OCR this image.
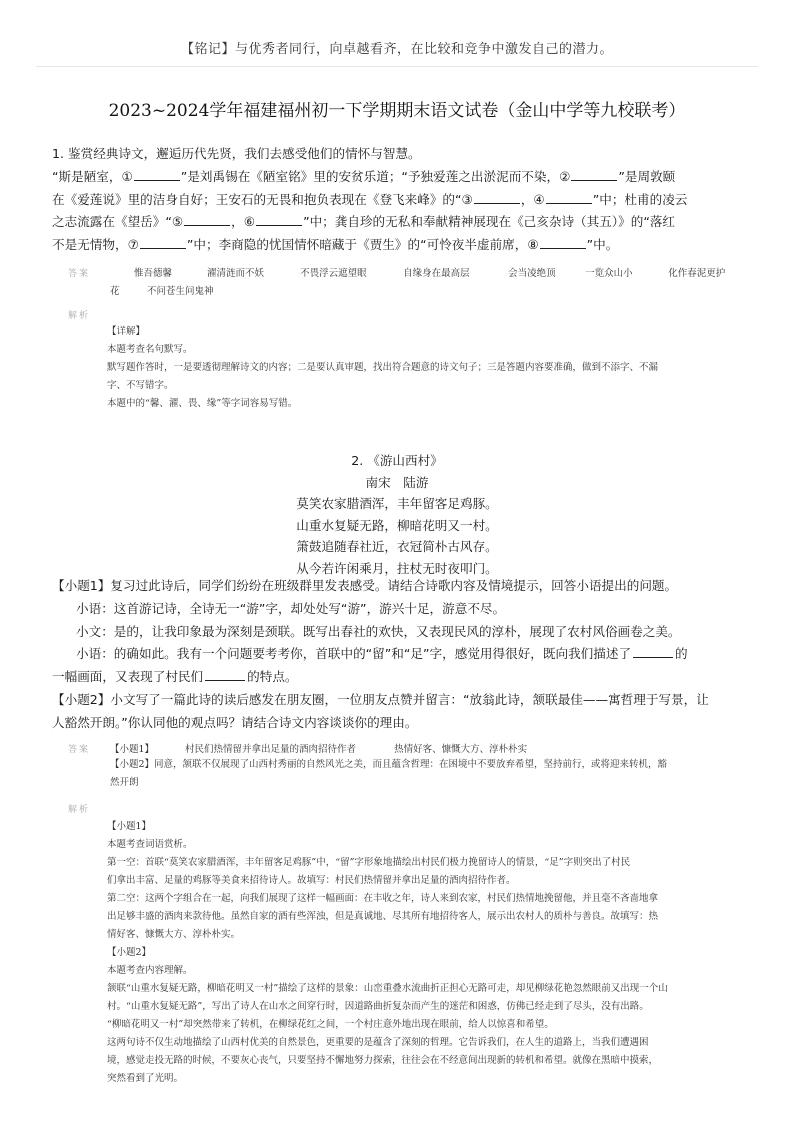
【铭记】与优秀者同行，向卓越看齐，在比较和竞争中激发自己的潜力。
2023~2024学年福建福州初一下学期期末语文试卷（金山中学等九校联考）

1. 鉴赏经典诗文，邂逅历代先贤，我们去感受他们的情怀与智慧。

“斯是陋室，①	”是刘禹锡在《陋室铭》里的安贫乐道；“予独爱莲之出淤泥而不染，②	”是周敦颐

在《爱莲说》里的洁身自好；王安石的无畏和抱负表现在《登飞来峰》的“③	，④	”中；杜甫的凌云

之志流露在《望岳》“⑤	，⑥	”中；龚自珍的无私和奉献精神展现在《己亥杂诗（其五）》的“落红

不是无情物，⑦	”中；李商隐的忧国情怀暗藏于《贾生》的“可怜夜半虚前席，⑧	”中。

答案	惟吾德馨	濯清涟而不妖	不畏浮云遮望眼	自缘身在最高层	会当凌绝顶	一览众山小	化作春泥更护
花	不问苍生问鬼神
解析

【详解】

本题考查名句默写。

默写题作答时，一是要透彻理解诗文的内容；二是要认真审题，找出符合题意的诗文句子；三是答题内容要准确，做到不添字、不漏

字、不写错字。

本题中的“馨、濯、畏、缘”等字词容易写错。

2. 《游山西村》

南宋　陆游

莫笑农家腊酒浑，丰年留客足鸡豚。

山重水复疑无路，柳暗花明又一村。

箫鼓追随春社近，衣冠简朴古风存。

从今若许闲乘月，拄杖无时夜叩门。

【小题1】复习过此诗后，同学们纷纷在班级群里发表感受。请结合诗歌内容及情境提示，回答小语提出的问题。

小语：这首游记诗，全诗无一“游”字，却处处写“游”，游兴十足，游意不尽。

小文：是的，让我印象最为深刻是颈联。既写出春社的欢快，又表现民风的淳朴，展现了农村风俗画卷之美。

小语：的确如此。我有一个问题要考考你，首联中的“留”和“足”字，感觉用得很好，既向我们描述了	的

一幅画面，又表现了村民们	的特点。

【小题2】小文写了一篇此诗的读后感发在朋友圈，一位朋友点赞并留言：“放翁此诗，颔联最佳——寓哲理于写景，让

人豁然开朗。”你认同他的观点吗？请结合诗文内容谈谈你的理由。

答案 【小题1】	村民们热情留并拿出足量的酒肉招待作者	热情好客、慷慨大方、淳朴朴实

【小题2】同意，颔联不仅展现了山西村秀丽的自然风光之美，而且蕴含哲理：在困境中不要放弃希望，坚持前行，或将迎来转机，豁

然开朗

解析

【小题1】

本题考查词语赏析。

第一空：首联“莫笑农家腊酒浑，丰年留客足鸡豚”中，“留”字形象地描绘出村民们极力挽留诗人的情景，“足”字则突出了村民

们拿出丰富、足量的鸡豚等美食来招待诗人。故填写：村民们热情留并拿出足量的酒肉招待作者。

第二空：这两个字组合在一起，向我们展现了这样一幅画面：在丰收之年，诗人来到农家，村民们热情地挽留他，并且毫不吝啬地拿

出足够丰盛的酒肉来款待他。虽然自家的酒有些浑浊，但是真诚地、尽其所有地招待客人，展示出农村人的质朴与善良。故填写：热

情好客、慷慨大方、淳朴朴实。

【小题2】

本题考查内容理解。

颔联“山重水复疑无路，柳暗花明又一村”描绘了这样的景象：山峦重叠水流曲折正担心无路可走，却见柳绿花艳忽然眼前又出现一个山

村。“山重水复疑无路”，写出了诗人在山水之间穿行时，因道路曲折复杂而产生的迷茫和困惑，仿佛已经走到了尽头，没有出路。

“柳暗花明又一村”却突然带来了转机，在柳绿花红之间，一个村庄意外地出现在眼前，给人以惊喜和希望。

这两句诗不仅生动地描绘了山西村优美的自然景色，更重要的是蕴含了深刻的哲理。它告诉我们，在人生的道路上，当我们遭遇困

境，感觉走投无路的时候，不要灰心丧气，只要坚持不懈地努力探索，往往会在不经意间出现新的转机和希望。就像在黑暗中摸索，

突然看到了光明。
